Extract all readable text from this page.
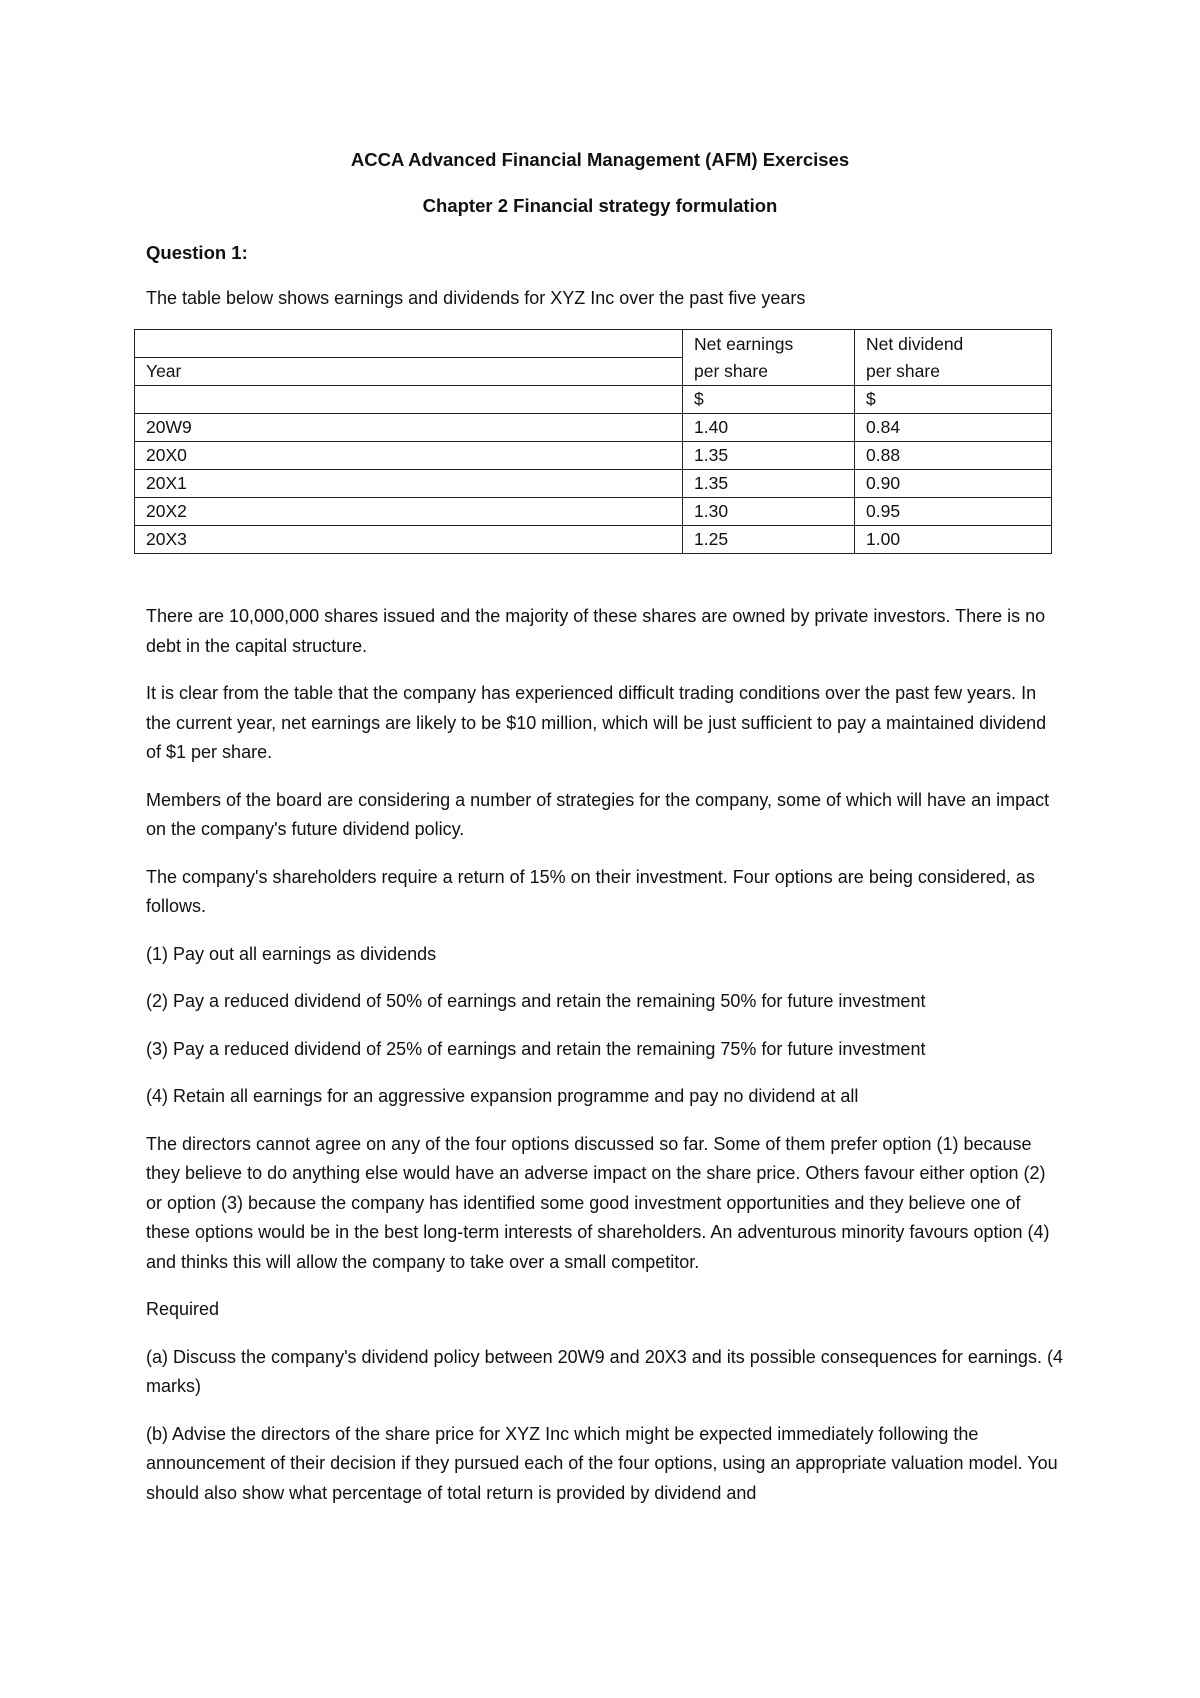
ACCA Advanced Financial Management (AFM) Exercises
Chapter 2 Financial strategy formulation
Question 1:
The table below shows earnings and dividends for XYZ Inc over the past five years
	Net earnings	Net dividend
Year	per share	per share
	$	$
20W9	1.40	0.84
20X0	1.35	0.88
20X1	1.35	0.90
20X2	1.30	0.95
20X3	1.25	1.00

There are 10,000,000 shares issued and the majority of these shares are owned by private investors. There is no debt in the capital structure.

It is clear from the table that the company has experienced difficult trading conditions over the past few years. In the current year, net earnings are likely to be $10 million, which will be just sufficient to pay a maintained dividend of $1 per share.

Members of the board are considering a number of strategies for the company, some of which will have an impact on the company's future dividend policy.

The company's shareholders require a return of 15% on their investment. Four options are being considered, as follows.

(1) Pay out all earnings as dividends

(2) Pay a reduced dividend of 50% of earnings and retain the remaining 50% for future investment

(3) Pay a reduced dividend of 25% of earnings and retain the remaining 75% for future investment

(4) Retain all earnings for an aggressive expansion programme and pay no dividend at all

The directors cannot agree on any of the four options discussed so far. Some of them prefer option (1) because they believe to do anything else would have an adverse impact on the share price. Others favour either option (2) or option (3) because the company has identified some good investment opportunities and they believe one of these options would be in the best long-term interests of shareholders. An adventurous minority favours option (4) and thinks this will allow the company to take over a small competitor.

Required

(a) Discuss the company's dividend policy between 20W9 and 20X3 and its possible consequences for earnings. (4 marks)

(b) Advise the directors of the share price for XYZ Inc which might be expected immediately following the announcement of their decision if they pursued each of the four options, using an appropriate valuation model. You should also show what percentage of total return is provided by dividend and
